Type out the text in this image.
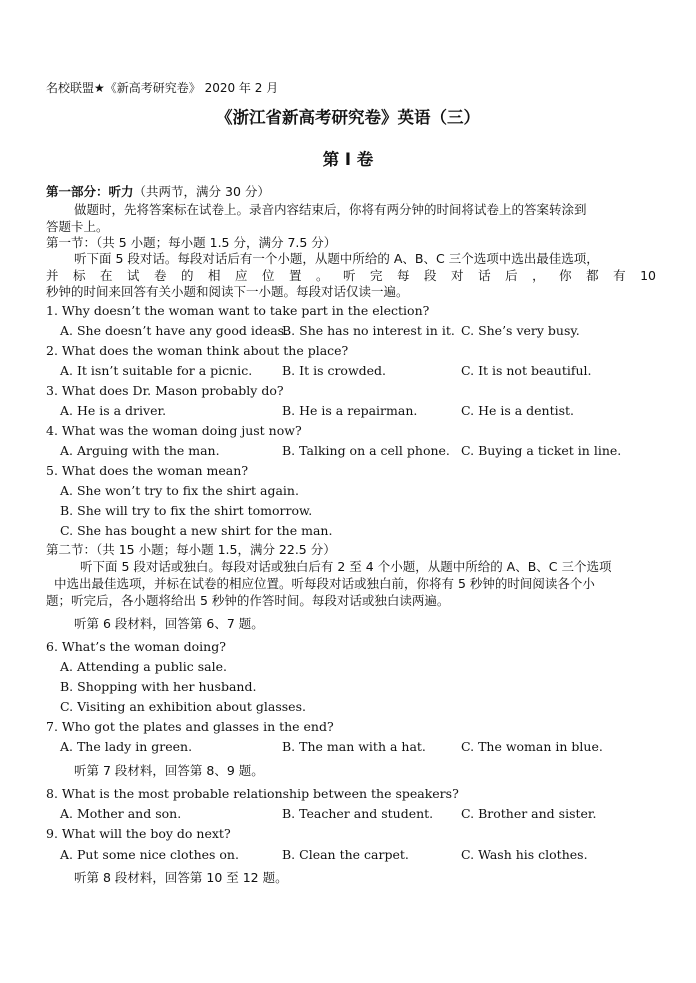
名校联盟★《新高考研究卷》 2020 年 2 月
《浙江省新高考研究卷》英语（三）
第 I 卷
第一部分：听力（共两节，满分 30 分）
做题时，先将答案标在试卷上。录音内容结束后，你将有两分钟的时间将试卷上的答案转涂到
答题卡上。
第一节：（共 5 小题；每小题 1.5 分，满分 7.5 分）
听下面 5 段对话。每段对话后有一个小题，从题中所给的 A、B、C 三个选项中选出最佳选项，
并 标 在 试 卷 的 相 应 位 置 。 听 完 每 段 对 话 后 ， 你 都 有 10
秒钟的时间来回答有关小题和阅读下一小题。每段对话仅读一遍。
1. Why doesn’t the woman want to take part in the election?
A. She doesn’t have any good ideas.
B. She has no interest in it. C. She’s very busy.
2. What does the woman think about the place?
A. It isn’t suitable for a picnic. B. It is crowded.	C. It is not beautiful.
3. What does Dr. Mason probably do?
A. He is a driver.	B. He is a repairman.	C. He is a dentist.
4. What was the woman doing just now?
A. Arguing with the man.	B. Talking on a cell phone. C. Buying a ticket in line.
5. What does the woman mean?
A. She won’t try to fix the shirt again.
B. She will try to fix the shirt tomorrow.
C. She has bought a new shirt for the man.
第二节：（共 15 小题；每小题 1.5，满分 22.5 分）
听下面 5 段对话或独白。每段对话或独白后有 2 至 4 个小题，从题中所给的 A、B、C 三个选项
中选出最佳选项，并标在试卷的相应位置。听每段对话或独白前，你将有 5 秒钟的时间阅读各个小
题；听完后，各小题将给出 5 秒钟的作答时间。每段对话或独白读两遍。
听第 6 段材料，回答第 6、7 题。
6. What’s the woman doing?
A. Attending a public sale.
B. Shopping with her husband.
C. Visiting an exhibition about glasses.
7. Who got the plates and glasses in the end?
A. The lady in green.	B. The man with a hat.	C. The woman in blue.
听第 7 段材料，回答第 8、9 题。
8. What is the most probable relationship between the speakers?
A. Mother and son.	B. Teacher and student. C. Brother and sister.
9. What will the boy do next?
A. Put some nice clothes on.	B. Clean the carpet.	C. Wash his clothes.
听第 8 段材料，回答第 10 至 12 题。
